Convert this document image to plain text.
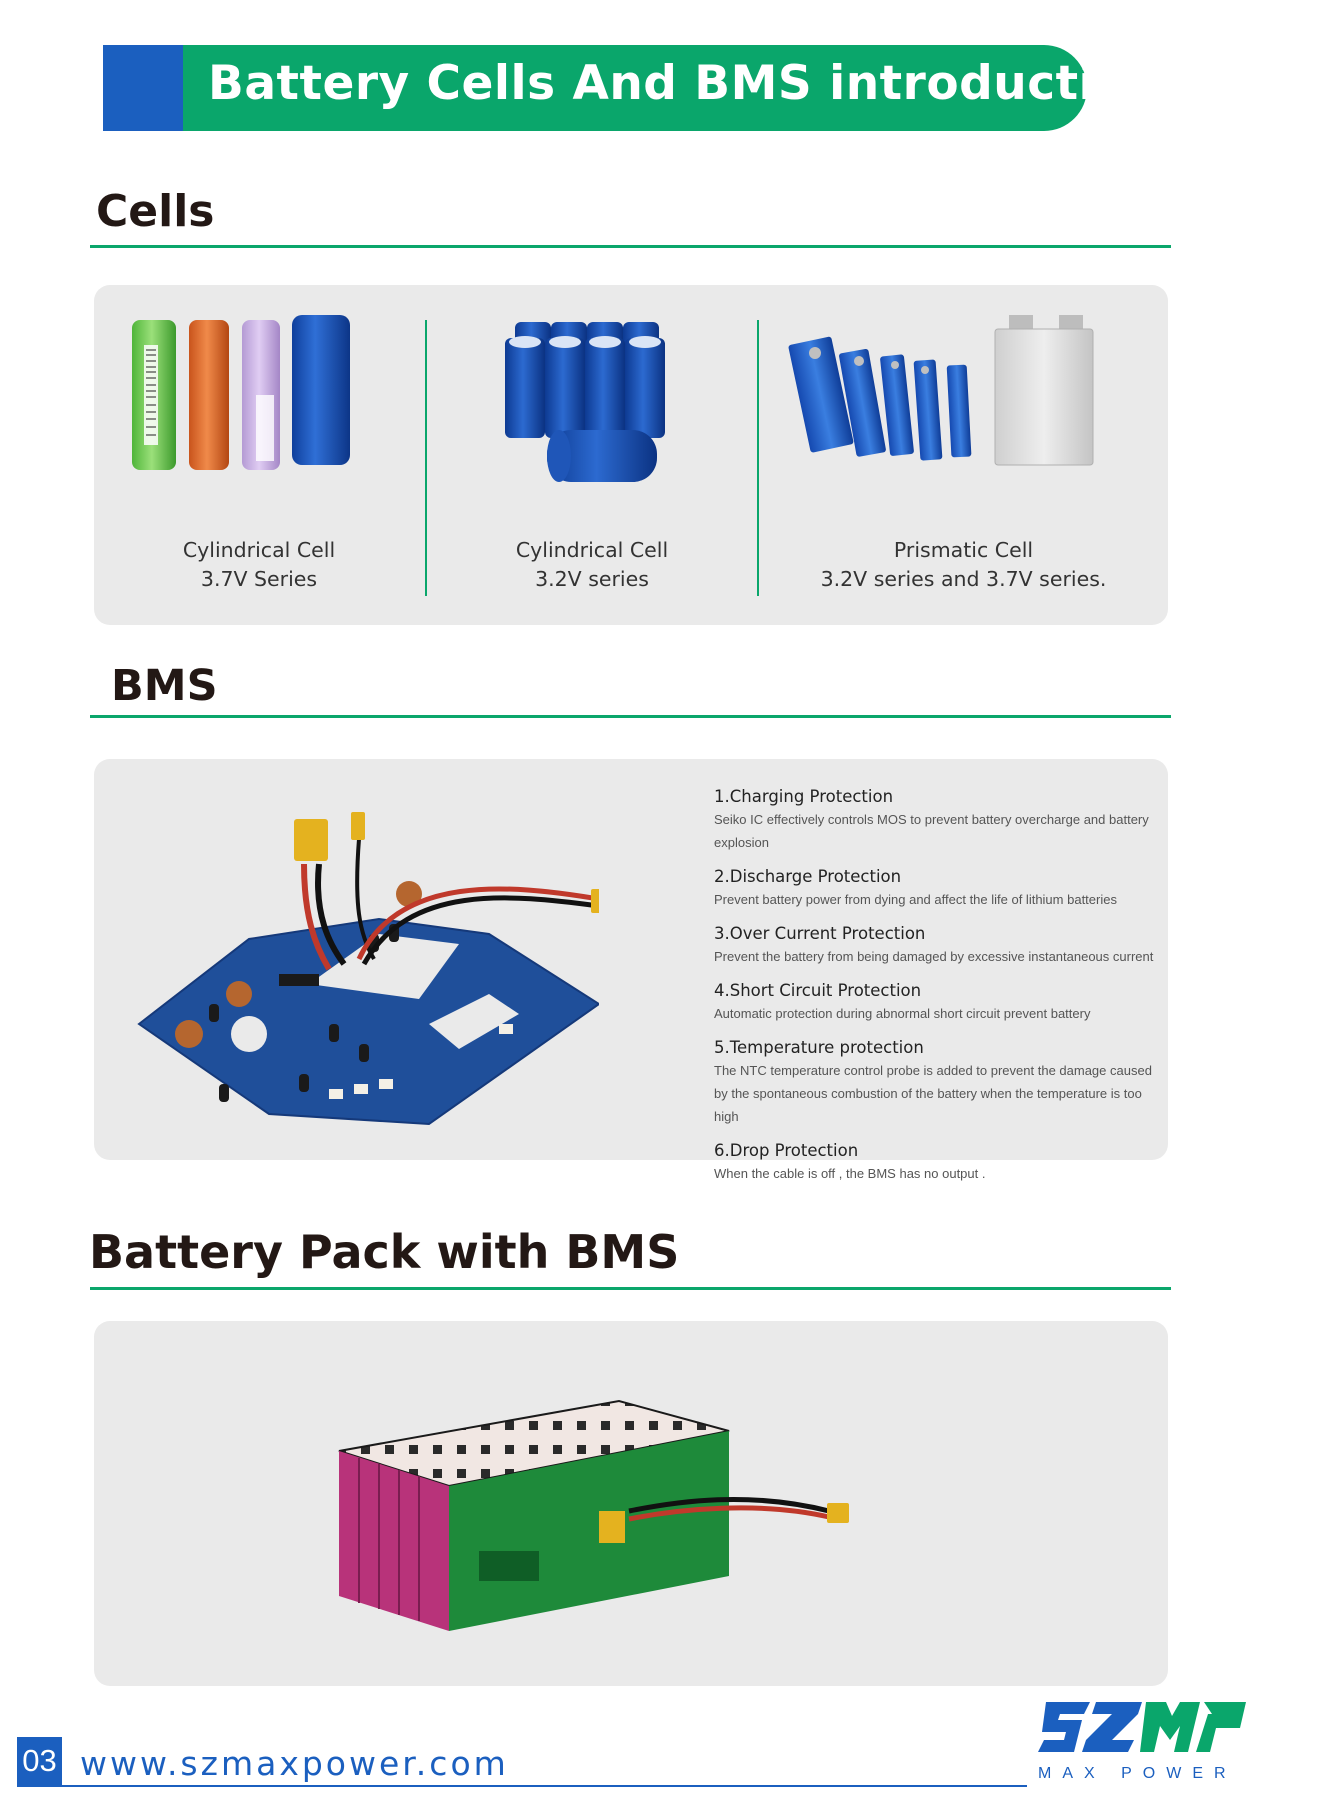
Battery Cells And BMS introduction
Cells
Cylindrical Cell
3.7V Series
Cylindrical Cell
3.2V series
Prismatic Cell
3.2V series and 3.7V series.
BMS
1.Charging Protection
Seiko IC effectively controls MOS to prevent battery overcharge and battery explosion
2.Discharge Protection
Prevent battery power from dying and affect the life of lithium batteries
3.Over Current Protection
Prevent the battery from being damaged by excessive instantaneous current
4.Short Circuit Protection
Automatic protection during abnormal short circuit prevent battery
5.Temperature protection
The NTC temperature control probe is added to prevent the damage caused by the spontaneous combustion of the battery when the temperature is too high
6.Drop Protection
When the cable is off , the BMS has no output .
Battery Pack with BMS
03 www.szmaxpower.com	MAX POWER
